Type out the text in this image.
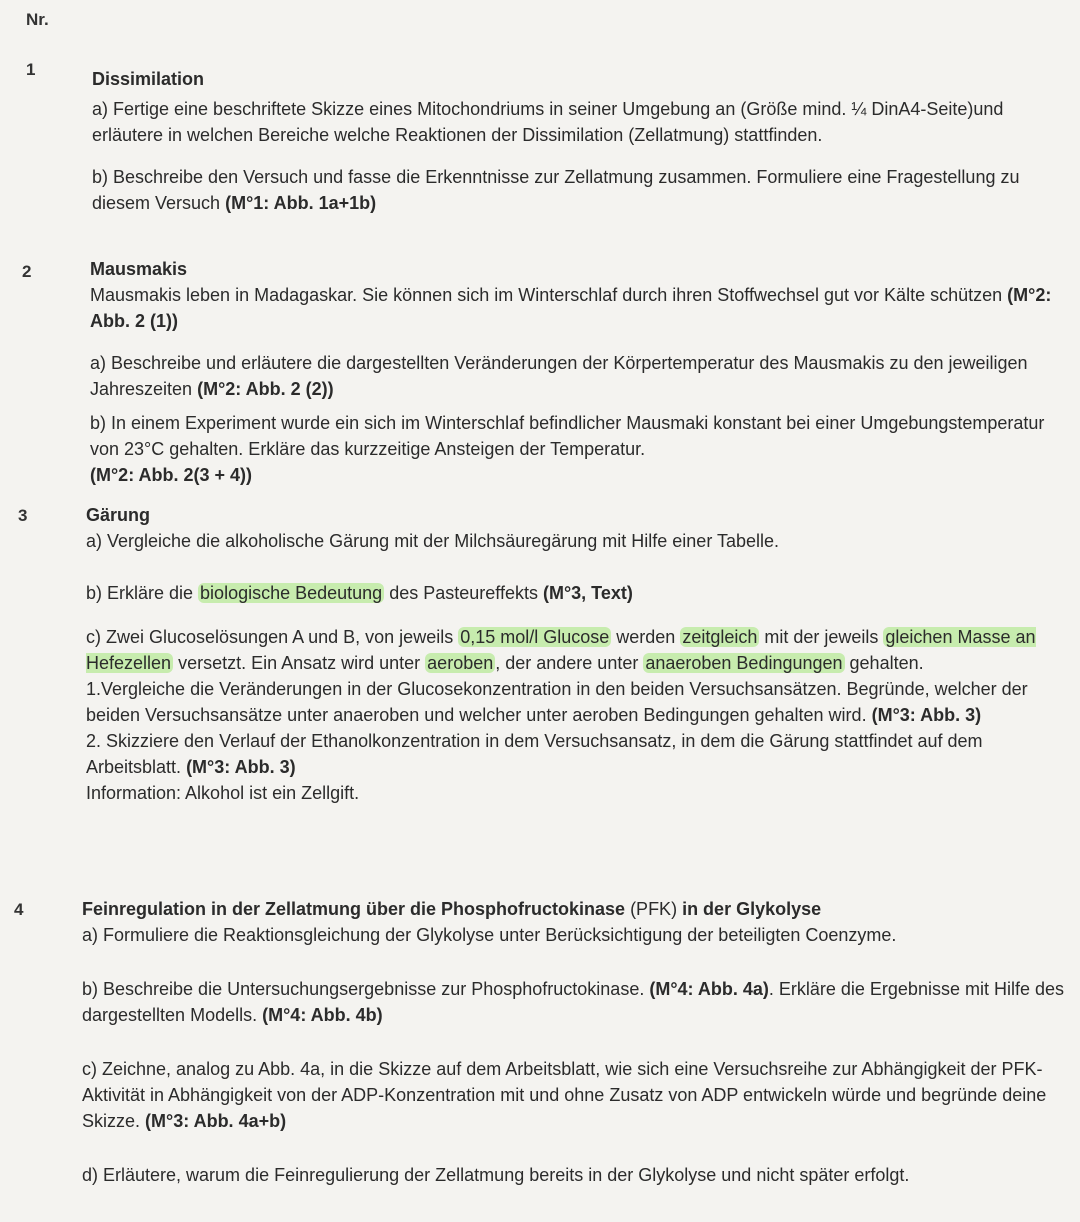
Nr.
1	Dissimilation
a) Fertige eine beschriftete Skizze eines Mitochondriums in seiner Umgebung an (Größe mind. ¼ DinA4-Seite)und erläutere in welchen Bereiche welche Reaktionen der Dissimilation (Zellatmung) stattfinden.
b) Beschreibe den Versuch und fasse die Erkenntnisse zur Zellatmung zusammen. Formuliere eine Fragestellung zu diesem Versuch (M°1: Abb. 1a+1b)
2	Mausmakis
Mausmakis leben in Madagaskar. Sie können sich im Winterschlaf durch ihren Stoffwechsel gut vor Kälte schützen (M°2: Abb. 2 (1))
a) Beschreibe und erläutere die dargestellten Veränderungen der Körpertemperatur des Mausmakis zu den jeweiligen Jahreszeiten (M°2: Abb. 2 (2))
b) In einem Experiment wurde ein sich im Winterschlaf befindlicher Mausmaki konstant bei einer Umgebungstemperatur von 23°C gehalten. Erkläre das kurzzeitige Ansteigen der Temperatur.
(M°2: Abb. 2(3 + 4))
3	Gärung
a) Vergleiche die alkoholische Gärung mit der Milchsäuregärung mit Hilfe einer Tabelle.
b) Erkläre die biologische Bedeutung des Pasteureffekts (M°3, Text)
c) Zwei Glucoselösungen A und B, von jeweils 0,15 mol/l Glucose werden zeitgleich mit der jeweils gleichen Masse an Hefezellen versetzt. Ein Ansatz wird unter aeroben , der andere unter anaeroben Bedingungen gehalten.
1.Vergleiche die Veränderungen in der Glucosekonzentration in den beiden Versuchsansätzen. Begründe, welcher der beiden Versuchsansätze unter anaeroben und welcher unter aeroben Bedingungen gehalten wird. (M°3: Abb. 3)
2. Skizziere den Verlauf der Ethanolkonzentration in dem Versuchsansatz, in dem die Gärung stattfindet auf dem Arbeitsblatt. (M°3: Abb. 3)
Information: Alkohol ist ein Zellgift.
4	Feinregulation in der Zellatmung über die Phosphofructokinase (PFK) in der Glykolyse
a) Formuliere die Reaktionsgleichung der Glykolyse unter Berücksichtigung der beteiligten Coenzyme.
b) Beschreibe die Untersuchungsergebnisse zur Phosphofructokinase. (M°4: Abb. 4a). Erkläre die Ergebnisse mit Hilfe des dargestellten Modells. (M°4: Abb. 4b)
c) Zeichne, analog zu Abb. 4a, in die Skizze auf dem Arbeitsblatt, wie sich eine Versuchsreihe zur Abhängigkeit der PFK-Aktivität in Abhängigkeit von der ADP-Konzentration mit und ohne Zusatz von ADP entwickeln würde und begründe deine Skizze. (M°3: Abb. 4a+b)
d) Erläutere, warum die Feinregulierung der Zellatmung bereits in der Glykolyse und nicht später erfolgt.
